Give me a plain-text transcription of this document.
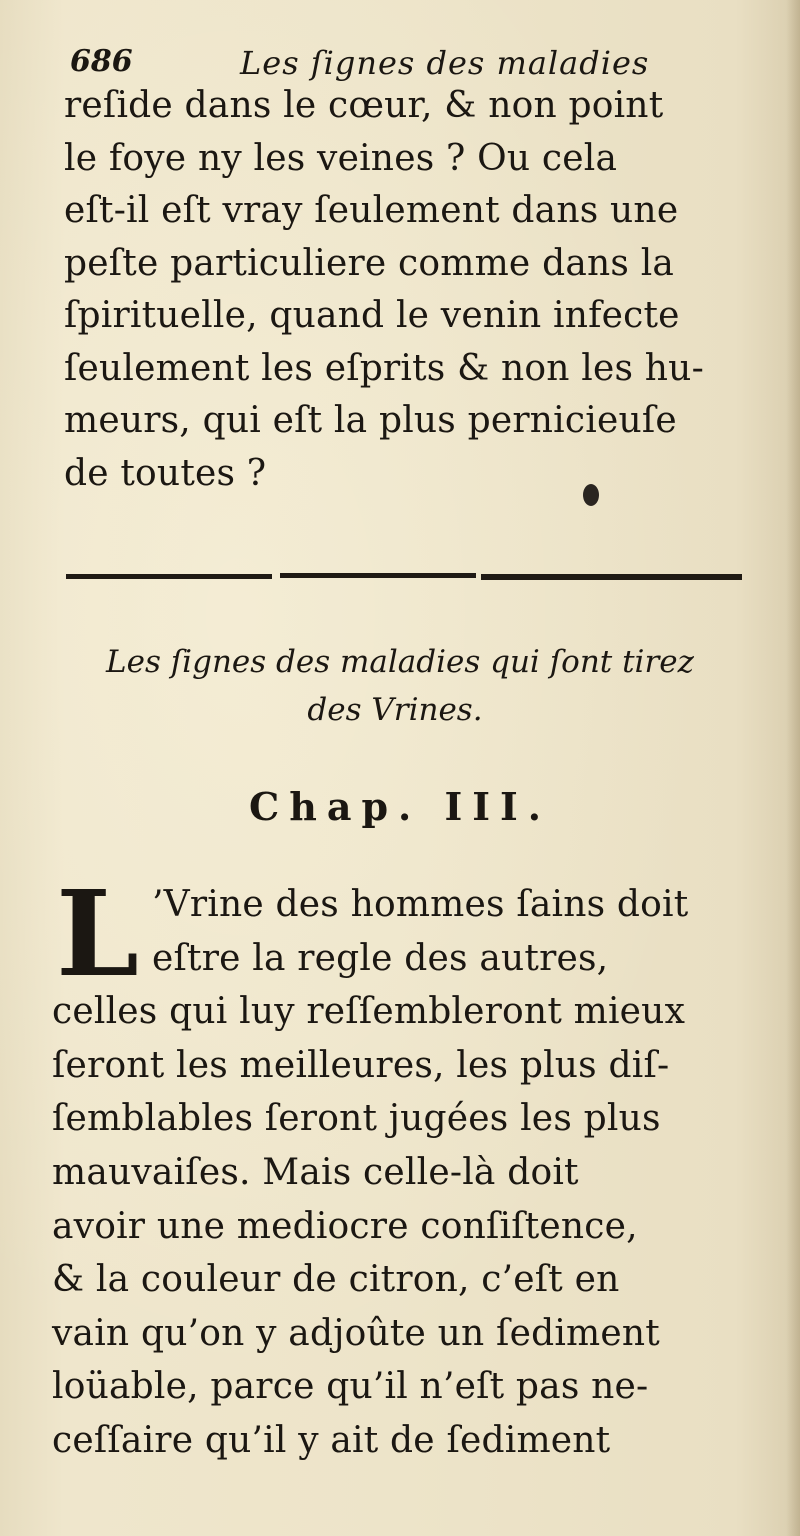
686	Les ſignes des maladies
reſide dans le cœur, & non point
le foye ny les veines ? Ou cela
eſt-il eſt vray ſeulement dans une
peſte particuliere comme dans la
ſpirituelle, quand le venin infecte
ſeulement les eſprits & non les hu-
meurs, qui eſt la plus pernicieuſe
de toutes ?
Les ſignes des maladies qui ſont tirez
des Vrines.
Chap. III.
L ’Vrine des hommes ſains doit
eſtre la regle des autres,
celles qui luy reſſembleront mieux
ſeront les meilleures, les plus diſ-
ſemblables ſeront jugées les plus
mauvaiſes. Mais celle-là doit
avoir une mediocre conſiſtence,
& la couleur de citron, c’eſt en
vain qu’on y adjoûte un ſediment
loüable, parce qu’il n’eſt pas ne-
ceſſaire qu’il y ait de ſediment
